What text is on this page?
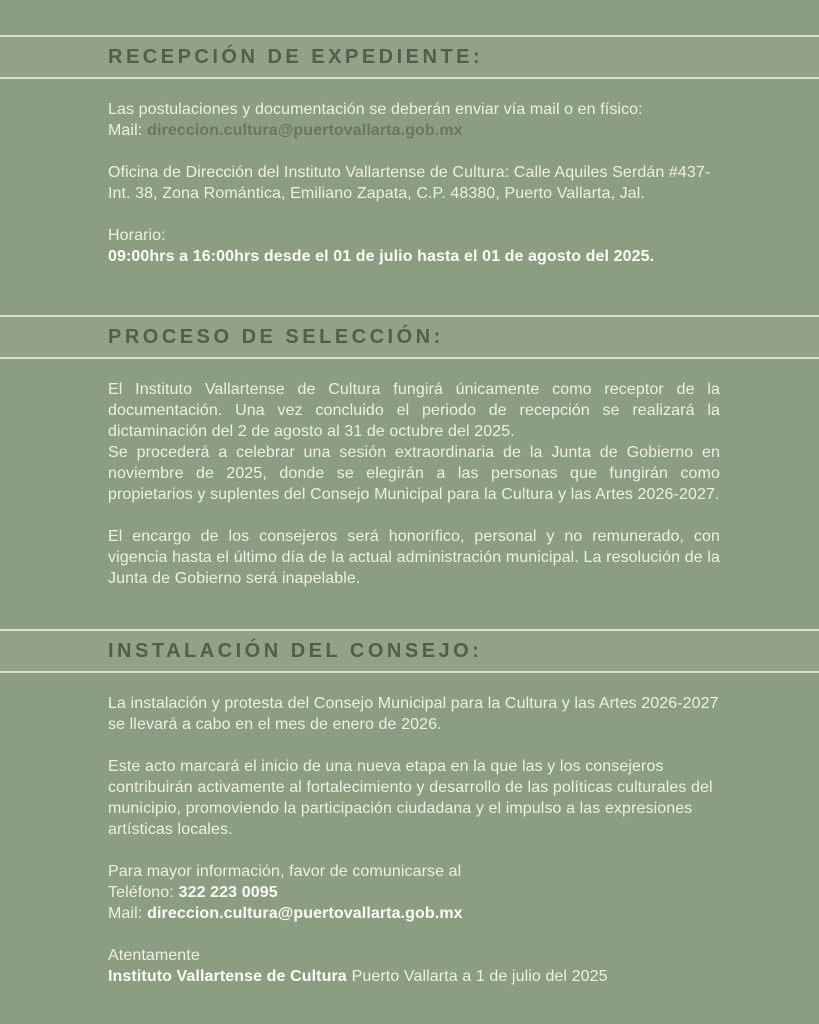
RECEPCIÓN DE EXPEDIENTE:

Las postulaciones y documentación se deberán enviar vía mail o en físico:

Mail: direccion.cultura@puertovallarta.gob.mx

Oficina de Dirección del Instituto Vallartense de Cultura: Calle Aquiles Serdán #437-Int. 38, Zona Romántica, Emiliano Zapata, C.P. 48380, Puerto Vallarta, Jal.

Horario:
09:00hrs a 16:00hrs desde el 01 de julio hasta el 01 de agosto del 2025.
PROCESO DE SELECCIÓN:

El Instituto Vallartense de Cultura fungirá únicamente como receptor de la documentación. Una vez concluido el periodo de recepción se realizará la dictaminación del 2 de agosto al 31 de octubre del 2025.

Se procederá a celebrar una sesión extraordinaria de la Junta de Gobierno en noviembre de 2025, donde se elegirán a las personas que fungirán como propietarios y suplentes del Consejo Municipal para la Cultura y las Artes 2026-2027.

El encargo de los consejeros será honorífico, personal y no remunerado, con vigencia hasta el último día de la actual administración municipal. La resolución de la Junta de Gobierno será inapelable.

INSTALACIÓN DEL CONSEJO:

La instalación y protesta del Consejo Municipal para la Cultura y las Artes 2026-2027 se llevará a cabo en el mes de enero de 2026.

Este acto marcará el inicio de una nueva etapa en la que las y los consejeros contribuirán activamente al fortalecimiento y desarrollo de las políticas culturales del municipio, promoviendo la participación ciudadana y el impulso a las expresiones artísticas locales.

Para mayor información, favor de comunicarse al

Teléfono: 322 223 0095

Mail: direccion.cultura@puertovallarta.gob.mx

Atentamente

Instituto Vallartense de Cultura Puerto Vallarta a 1 de julio del 2025
